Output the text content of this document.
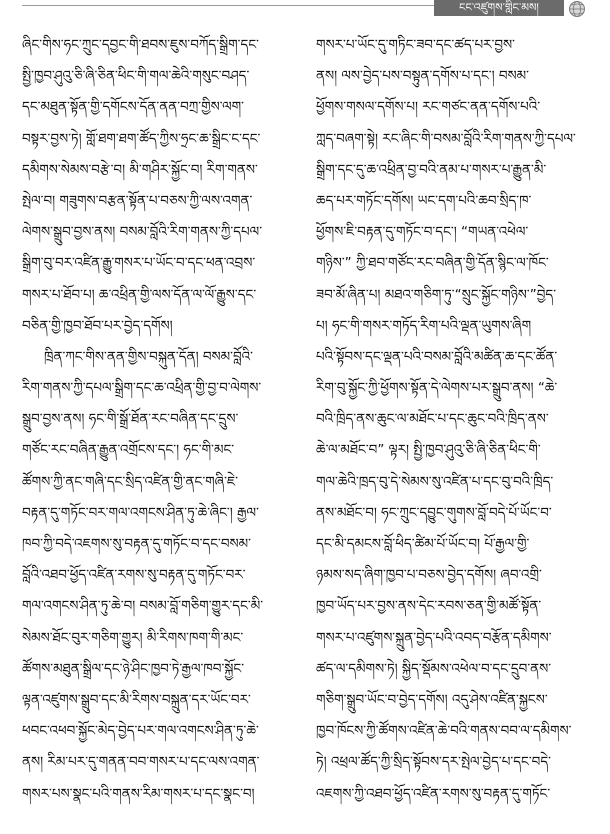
ངང་འཛུགས་གླིང་མས།
ཞིང་གིས་ཧང་ཀྲུང་དབྱང་གི་ཐབས་ཇུས་བཀོད་སྒྲིག་དང་
སྤྱི་ཁྱབ་ཤུའུ་ཅི་ཞི་ཅིན་ཕིང་གི་གལ་ཆེའི་གསུང་བཤད་
དང་མཐུན་སྟོན་གྱི་དགོངས་དོན་ནན་བཀྲ་གྱིས་ལག་
བསྟར་བྱས་ཏེ། གློ་ཐག་ཐག་ཚོད་ཀྱིས་ཧྲང་ཆ་སྒྲིང་ང་དང་
དམིགས་སེམས་བརྩེ་བ། མི་གཤིར་སྐྱོང་བ། རིག་གནས་
སྤེལ་བ། གཟུགས་བརྩན་སྟོན་པ་བཅས་ཀྱི་ལས་འགན་
ལེགས་སྒྲུབ་བྱས་ནས། བསམ་བློའི་རིག་གནས་ཀྱི་དཔལ་
སྒྲིག་བུ་བར་འཛིན་རྒྱུ་གསར་པ་ཡོང་བ་དང་ཕན་འབྲས་
གསར་པ་ཐོབ་པ། ཆ་འཕྲིན་གྱི་ལས་དོན་ལ་ལོ་རྒྱུས་དང་
བཅིན་གྱི་ཁྱབ་ཐོབ་པར་བྱེད་དགོས།
ཁྲིན་ཀང་གིས་ནན་གྱིས་བསྐུན་དོན། བསམ་བློའི་
རིག་གནས་ཀྱི་དཔལ་སྒྲིག་དང་ཆ་འཕྲིན་གྱི་བྱ་བ་ལེགས་
སྒྲུབ་བྱས་ནས། ཧང་གི་སྒྲོ་ཐོན་རང་བཞིན་དང་དྲུས་
གཙོང་རང་བཞིན་རྒྱུན་འགྲོངས་དང་། ཧང་གི་མང་
ཚོགས་ཀྱི་ནང་གཞི་དང་སྲིད་འཛིན་གྱི་ནང་གཞི་ཇེ་
བརྟན་དུ་གཏོང་བར་གལ་འགངས་ཤིན་ཏུ་ཆེ་ཞིང་། རྒྱལ་
ཁབ་ཀྱི་བདེ་འཇགས་སུ་བརྟན་དུ་གཏོང་བ་དང་བསམ་
བློའི་འཐབ་ཕྱོད་འཛིན་རགས་སུ་བརྟན་དུ་གཏོང་བར་
གལ་འགངས་ཤིན་ཏུ་ཆེ་བ། བསམ་བློ་གཅིག་གྱུར་དང་མི་
སེམས་ཐོང་བུར་གཅིག་གྱུར། མི་རིགས་ཁག་གི་མང་
ཚོགས་མཐུན་སྒྲིལ་དང་ཉེ་ཤིང་ཁྱབ་ཏེ་རྒྱལ་ཁབ་སྐྱོང་
ལྟན་འཛུགས་སྒྲུབ་དང་མི་རིགས་བསྐྲུན་དར་ཡོང་བར་
ཕབང་འཕབ་སྐྱོང་མེད་བྱེད་པར་གལ་འགངས་ཤིན་ཏུ་ཆེ་
ནས། རིམ་པར་དུ་གནན་བབ་གསར་པ་དང་ལས་འགན་
གསར་པས་སྣང་པའི་གནས་རིམ་གསར་པ་དང་སྣང་བ།
གསར་པ་ཡོང་དུ་གཏིང་ཟབ་དང་ཚད་པར་བྱས་
ནས། ལས་བྱེད་པས་བསྟུན་དགོས་པ་དང་། བསམ་
ཕྱོགས་གསལ་དགོས་པ། རང་གཙང་ནན་དགོས་པའི་
ཀླད་བཞག་སྟེ། རང་ཞིང་གི་བསམ་བློའི་རིག་གནས་ཀྱི་དཔལ་
སྒྲིག་དང་དུ་ཆ་འཕྲིན་བྱ་བའི་ནམ་པ་གསར་པ་རྒྱུན་མི་
ཆད་པར་གཏོང་དགོས། ཡང་དག་པའི་ཆབ་སྲིད་ཁ་
ཕྱོགས་ཇི་བརྟན་དུ་གཏོང་བ་དང་། “གཡན་འཕེལ་
གཉིས་” ཀྱི་ཐབ་གཙོང་རང་བཞིན་གྱི་དོན་སྙིང་ལ་ཁོང་
ཟབ་མོ་ཞིན་པ། མཐའ་གཅིག་ཏུ་“སྲུང་སྐྱོང་གཉིས་”བྱེད་
པ། ཧང་གི་གསར་གཏོད་རིག་པའི་ལྡན་ཡུགས་ཞིག
པའི་སྟོབས་དང་ལྡན་པའི་བསམ་བློའི་མཚིན་ཆ་དང་ཚོན་
རིག་བུ་སྐྱོང་ཀྱི་ཕྱོགས་སྟོན་དེ་ལེགས་པར་སྒྲུབ་ནས། “ཆེ་
བའི་ཁྲིད་ནས་ཆུང་ལ་མཐོང་པ་དང་ཆུང་བའི་ཁྲིད་ནས་
ཆེ་ལ་མཐོང་བ” ལྟར། སྤྱི་ཁྱབ་ཤུའུ་ཅི་ཞི་ཅིན་ཕིང་གི་
གལ་ཆེའི་ཁྲད་བུ་དེ་སེམས་སུ་འཛིན་པ་དང་བུ་བའི་ཁྲིད་
ནས་མཐོང་བ། ཧང་ཀྲུང་དབྱུང་གུགས་བློ་བདེ་པོ་ཡོང་བ་
དང་མི་དམངས་བློ་ཕིད་ཚིམ་པོ་ཡོང་བ། པོ་རྒྱལ་གྱི་
ཉམས་སད་ཞིག་ཁྱབ་པ་བཅས་བྱེད་དགོས། ཞབ་འགྲི་
ཁྱབ་ཡོད་པར་བྱས་ནས་དེང་རབས་ཅན་གྱི་མཚོ་སྟོན་
གསར་པ་འཛུགས་སྐྲུན་བྱེད་པའི་འབད་བརྩོན་དམིགས་
ཚད་ལ་དམིགས་ཏེ། སྐྱིད་སྡོམས་འཕེལ་བ་དང་དྲུབ་ནས་
གཅིག་སྒྲུབ་ཡོང་བ་བྱེད་དགོས། འདུ་ཤེས་འཛིན་སྐྱངས་
ཁྱབ་ཁོངས་ཀྱི་ཚོགས་འཛིན་ཆེ་བའི་གནས་བབ་ལ་དམིགས་
ཏེ། འཕྲལ་ཚོད་ཀྱི་སྲིད་སྟོབས་དར་སྤེལ་བྱེད་པ་དང་བདེ་
འཇགས་ཀྱི་འཐབ་ཕྱོད་འཛིན་རགས་སུ་བརྟན་དུ་གཏོང་
